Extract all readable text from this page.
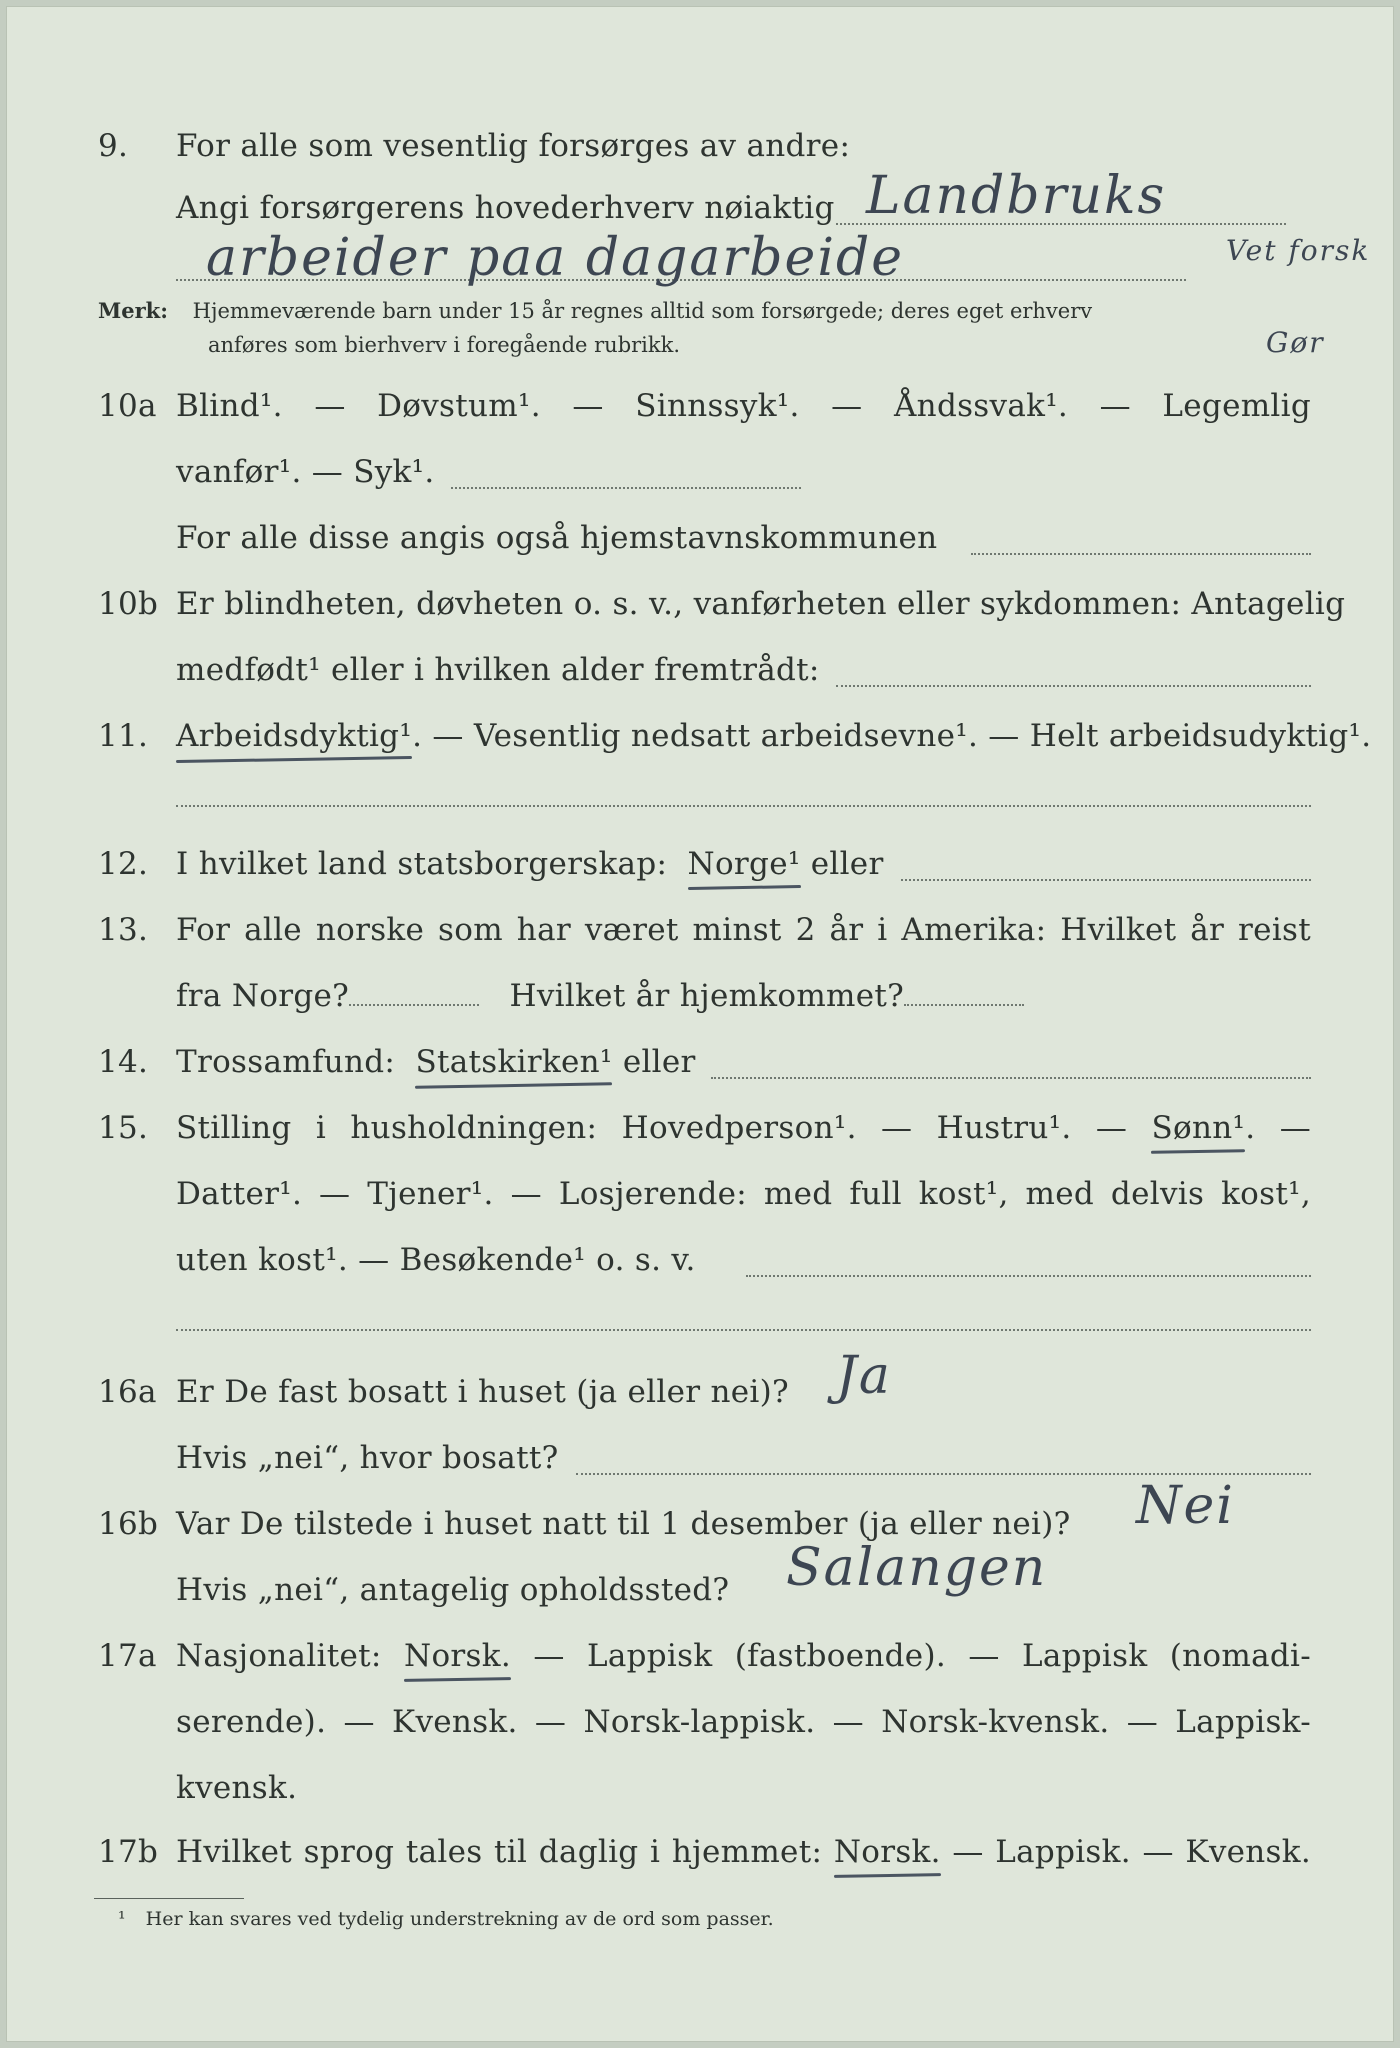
9. For alle som vesentlig forsørges av andre:
Angi forsørgerens hovederhverv nøiaktig Landbruks
arbeider paa dagarbeide	Vet forsk
Gør
Merk: Hjemmeværende barn under 15 år regnes alltid som forsørgede; deres eget erhverv
anføres som bierhverv i foregående rubrikk.
10a Blind¹. — Døvstum¹. — Sinnssyk¹. — Åndssvak¹. — Legemlig
vanfør¹. — Syk¹.
For alle disse angis også hjemstavnskommunen
10b Er blindheten, døvheten o. s. v., vanførheten eller sykdommen: Antagelig
medfødt¹ eller i hvilken alder fremtrådt:
11. Arbeidsdyktig¹. — Vesentlig nedsatt arbeidsevne¹. — Helt arbeidsudyktig¹.
12. I hvilket land statsborgerskap: Norge¹ eller
13. For alle norske som har været minst 2 år i Amerika: Hvilket år reist
fra Norge?	Hvilket år hjemkommet?
14. Trossamfund: Statskirken¹ eller
15. Stilling i husholdningen: Hovedperson¹. — Hustru¹. — Sønn¹. —
Datter¹. — Tjener¹. — Losjerende: med full kost¹, med delvis kost¹,
uten kost¹. — Besøkende¹ o. s. v.
16a Er De fast bosatt i huset (ja eller nei)? Ja
Hvis „nei“, hvor bosatt?
16b Var De tilstede i huset natt til 1 desember (ja eller nei)? Nei
Hvis „nei“, antagelig opholdssted? Salangen
17a Nasjonalitet: Norsk. — Lappisk (fastboende). — Lappisk (nomadi-
serende). — Kvensk. — Norsk-lappisk. — Norsk-kvensk. — Lappisk-
kvensk.
17b Hvilket sprog tales til daglig i hjemmet: Norsk. — Lappisk. — Kvensk.
¹ Her kan svares ved tydelig understrekning av de ord som passer.
